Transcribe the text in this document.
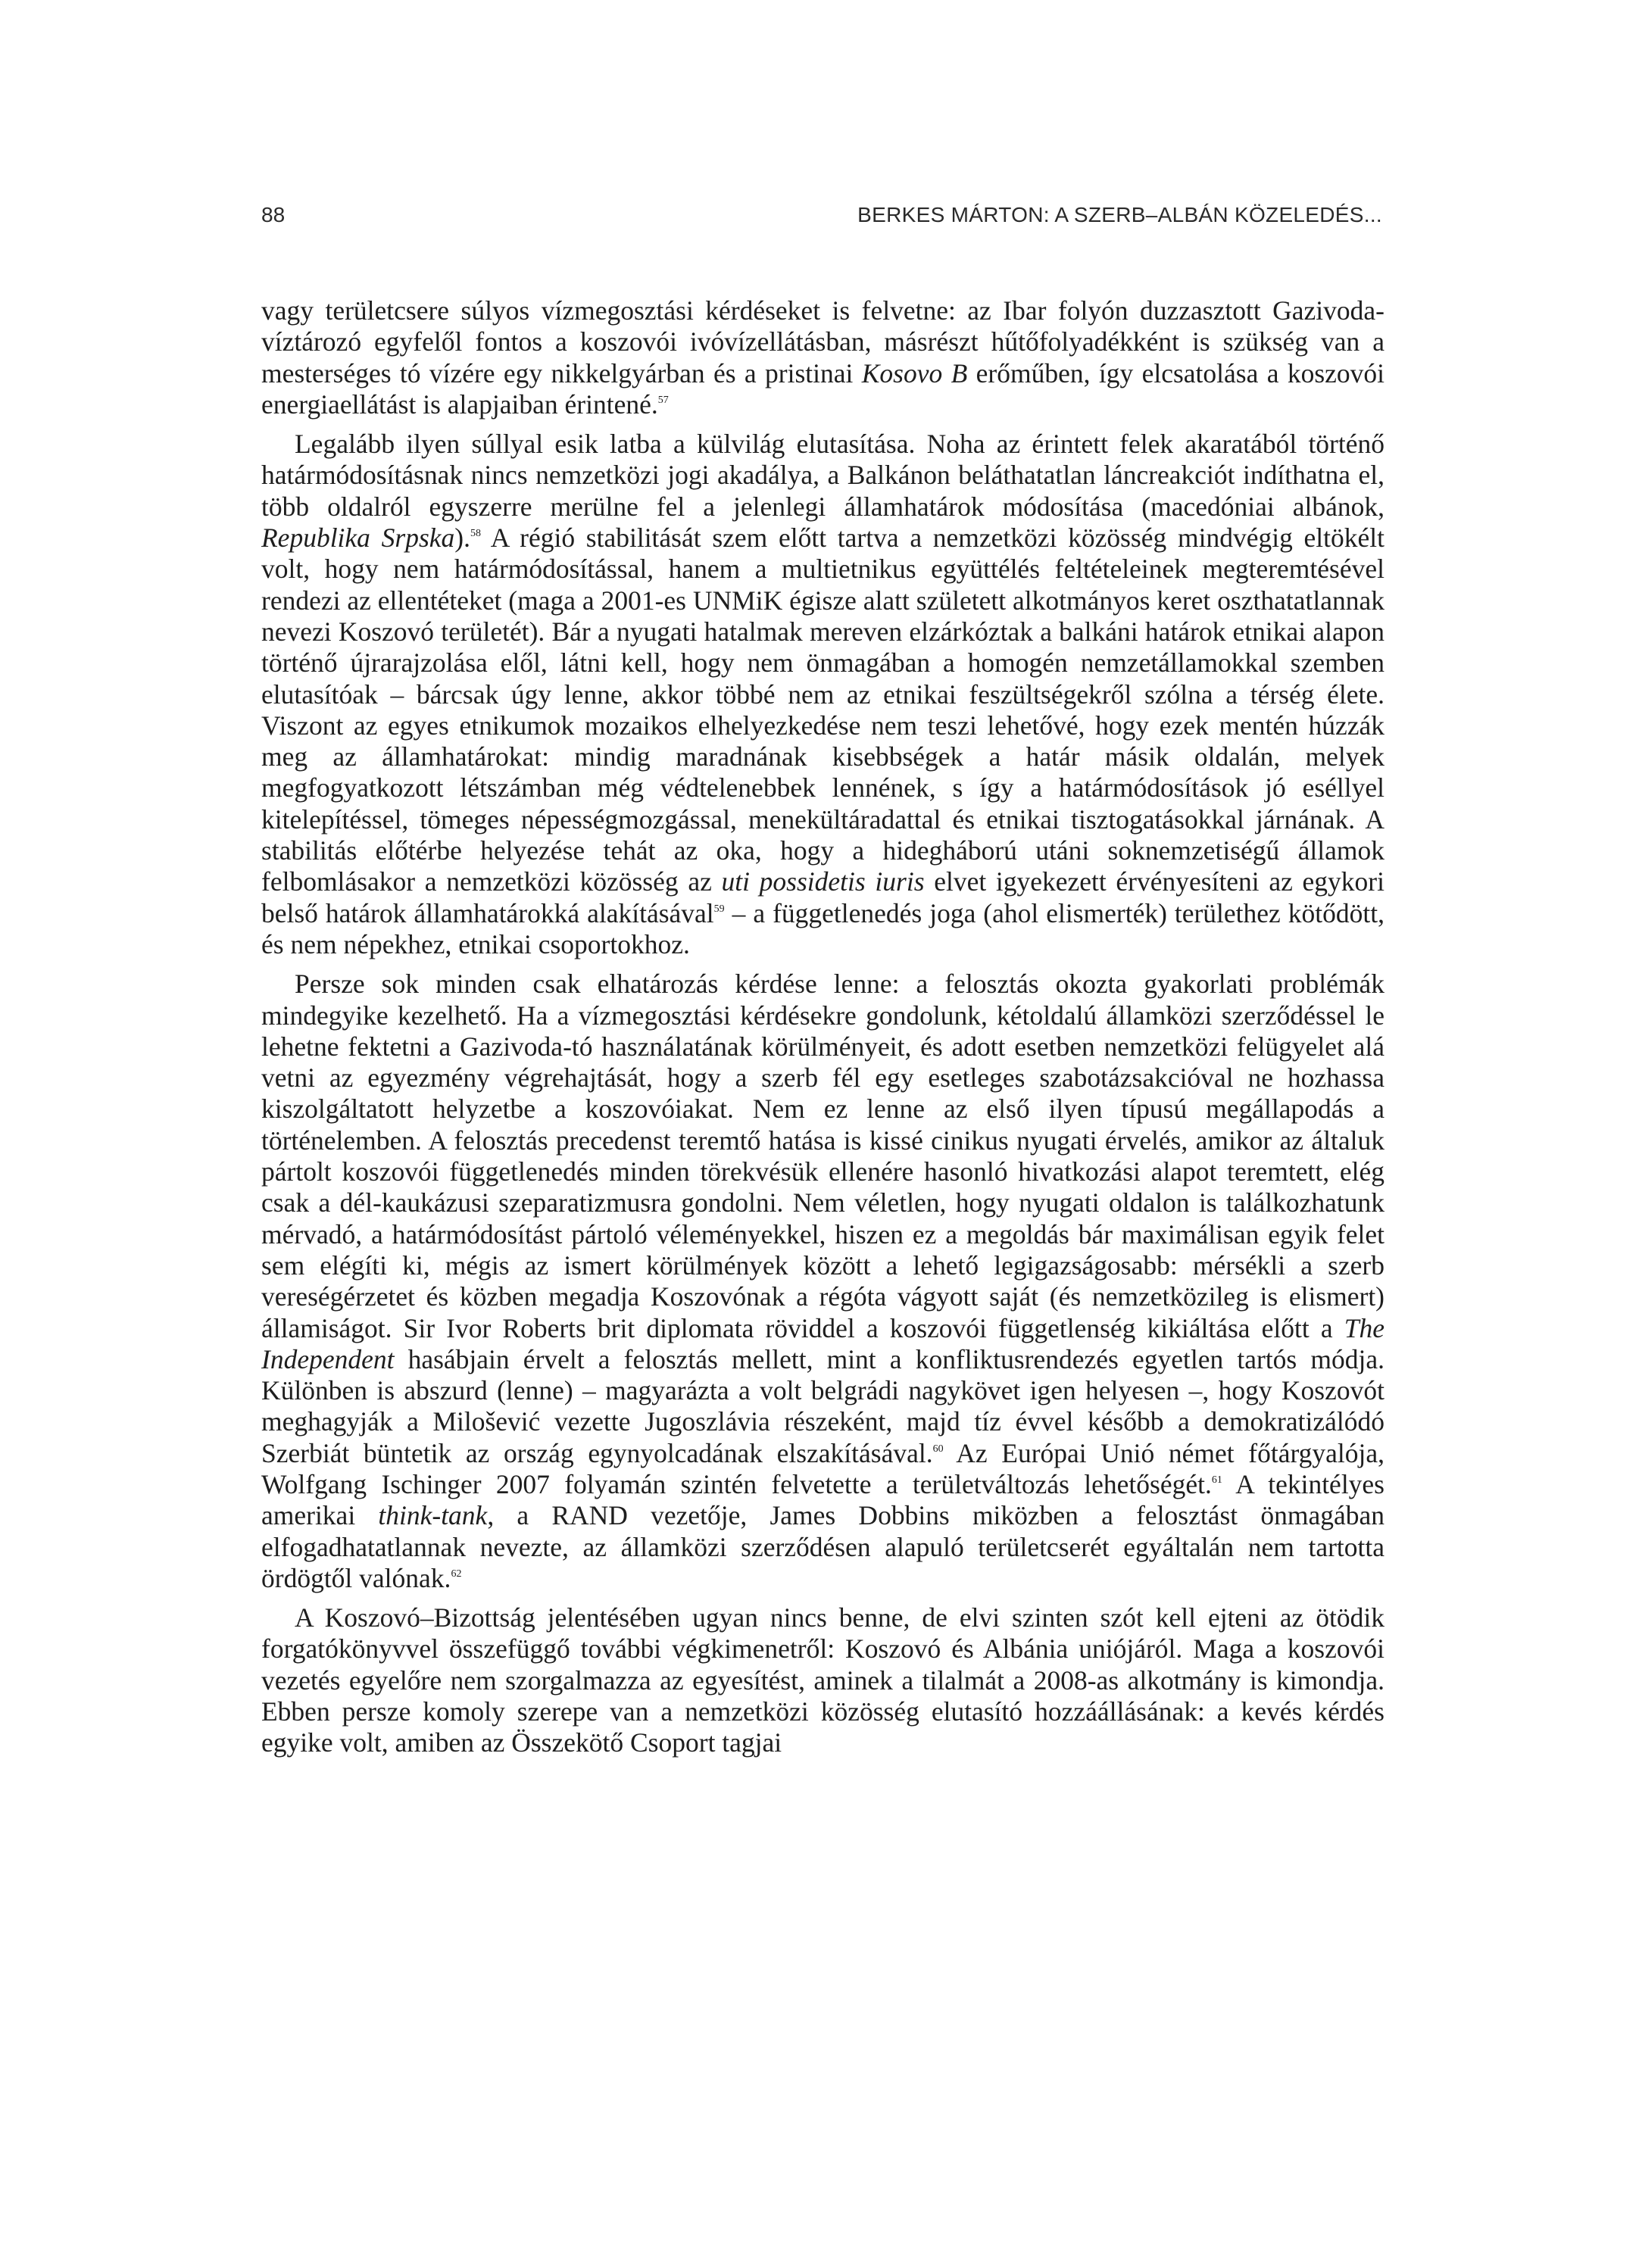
88	BERKES MÁRTON: A SZERB–ALBÁN KÖZELEDÉS...

vagy területcsere súlyos vízmegosztási kérdéseket is felvetne: az Ibar folyón duzzasztott Gazivoda-víztározó egyfelől fontos a koszovói ivóvízellátásban, másrészt hűtőfolyadékként is szükség van a mesterséges tó vízére egy nikkelgyárban és a pristinai Kosovo B erőműben, így elcsatolása a koszovói energiaellátást is alapjaiban érintené.$^{57}$

Legalább ilyen súllyal esik latba a külvilág elutasítása. Noha az érintett felek akaratából történő határmódosításnak nincs nemzetközi jogi akadálya, a Balkánon beláthatatlan láncreakciót indíthatna el, több oldalról egyszerre merülne fel a jelenlegi államhatárok módosítása (macedóniai albánok, Republika Srpska).$^{58}$ A régió stabilitását szem előtt tartva a nemzetközi közösség mindvégig eltökélt volt, hogy nem határmódosítással, hanem a multietnikus együttélés feltételeinek megteremtésével rendezi az ellentéteket (maga a 2001-es UNMiK égisze alatt született alkotmányos keret oszthatatlannak nevezi Koszovó területét). Bár a nyugati hatalmak mereven elzárkóztak a balkáni határok etnikai alapon történő újrarajzolása elől, látni kell, hogy nem önmagában a homogén nemzetállamokkal szemben elutasítóak – bárcsak úgy lenne, akkor többé nem az etnikai feszültségekről szólna a térség élete. Viszont az egyes etnikumok mozaikos elhelyezkedése nem teszi lehetővé, hogy ezek mentén húzzák meg az államhatárokat: mindig maradnának kisebbségek a határ másik oldalán, melyek megfogyatkozott létszámban még védtelenebbek lennének, s így a határmódosítások jó eséllyel kitelepítéssel, tömeges népességmozgással, menekültáradattal és etnikai tisztogatásokkal járnának. A stabilitás előtérbe helyezése tehát az oka, hogy a hidegháború utáni soknemzetiségű államok felbomlásakor a nemzetközi közösség az uti possidetis iuris elvet igyekezett érvényesíteni az egykori belső határok államhatárokká alakításával$^{59}$ – a függetlenedés joga (ahol elismerték) területhez kötődött, és nem népekhez, etnikai csoportokhoz.

Persze sok minden csak elhatározás kérdése lenne: a felosztás okozta gyakorlati problémák mindegyike kezelhető. Ha a vízmegosztási kérdésekre gondolunk, kétoldalú államközi szerződéssel le lehetne fektetni a Gazivoda-tó használatának körülményeit, és adott esetben nemzetközi felügyelet alá vetni az egyezmény végrehajtását, hogy a szerb fél egy esetleges szabotázsakcióval ne hozhassa kiszolgáltatott helyzetbe a koszovóiakat. Nem ez lenne az első ilyen típusú megállapodás a történelemben. A felosztás precedenst teremtő hatása is kissé cinikus nyugati érvelés, amikor az általuk pártolt koszovói függetlenedés minden törekvésük ellenére hasonló hivatkozási alapot teremtett, elég csak a dél-kaukázusi szeparatizmusra gondolni. Nem véletlen, hogy nyugati oldalon is találkozhatunk mérvadó, a határmódosítást pártoló véleményekkel, hiszen ez a megoldás bár maximálisan egyik felet sem elégíti ki, mégis az ismert körülmények között a lehető legigazságosabb: mérsékli a szerb vereségérzetet és közben megadja Koszovónak a régóta vágyott saját (és nemzetközileg is elismert) államiságot. Sir Ivor Roberts brit diplomata röviddel a koszovói függetlenség kikiáltása előtt a The Independent hasábjain érvelt a felosztás mellett, mint a konfliktusrendezés egyetlen tartós módja. Különben is abszurd (lenne) – magyarázta a volt belgrádi nagykövet igen helyesen –, hogy Koszovót meghagyják a Milošević vezette Jugoszlávia részeként, majd tíz évvel később a demokratizálódó Szerbiát büntetik az ország egynyolcadának elszakításával.$^{60}$ Az Európai Unió német főtárgyalója, Wolfgang Ischinger 2007 folyamán szintén felvetette a területváltozás lehetőségét.$^{61}$ A tekintélyes amerikai think-tank, a RAND vezetője, James Dobbins miközben a felosztást önmagában elfogadhatatlannak nevezte, az államközi szerződésen alapuló területcserét egyáltalán nem tartotta ördögtől valónak.$^{62}$

A Koszovó–Bizottság jelentésében ugyan nincs benne, de elvi szinten szót kell ejteni az ötödik forgatókönyvvel összefüggő további végkimenetről: Koszovó és Albánia uniójáról. Maga a koszovói vezetés egyelőre nem szorgalmazza az egyesítést, aminek a tilalmát a 2008-as alkotmány is kimondja. Ebben persze komoly szerepe van a nemzetközi közösség elutasító hozzáállásának: a kevés kérdés egyike volt, amiben az Összekötő Csoport tagjai
